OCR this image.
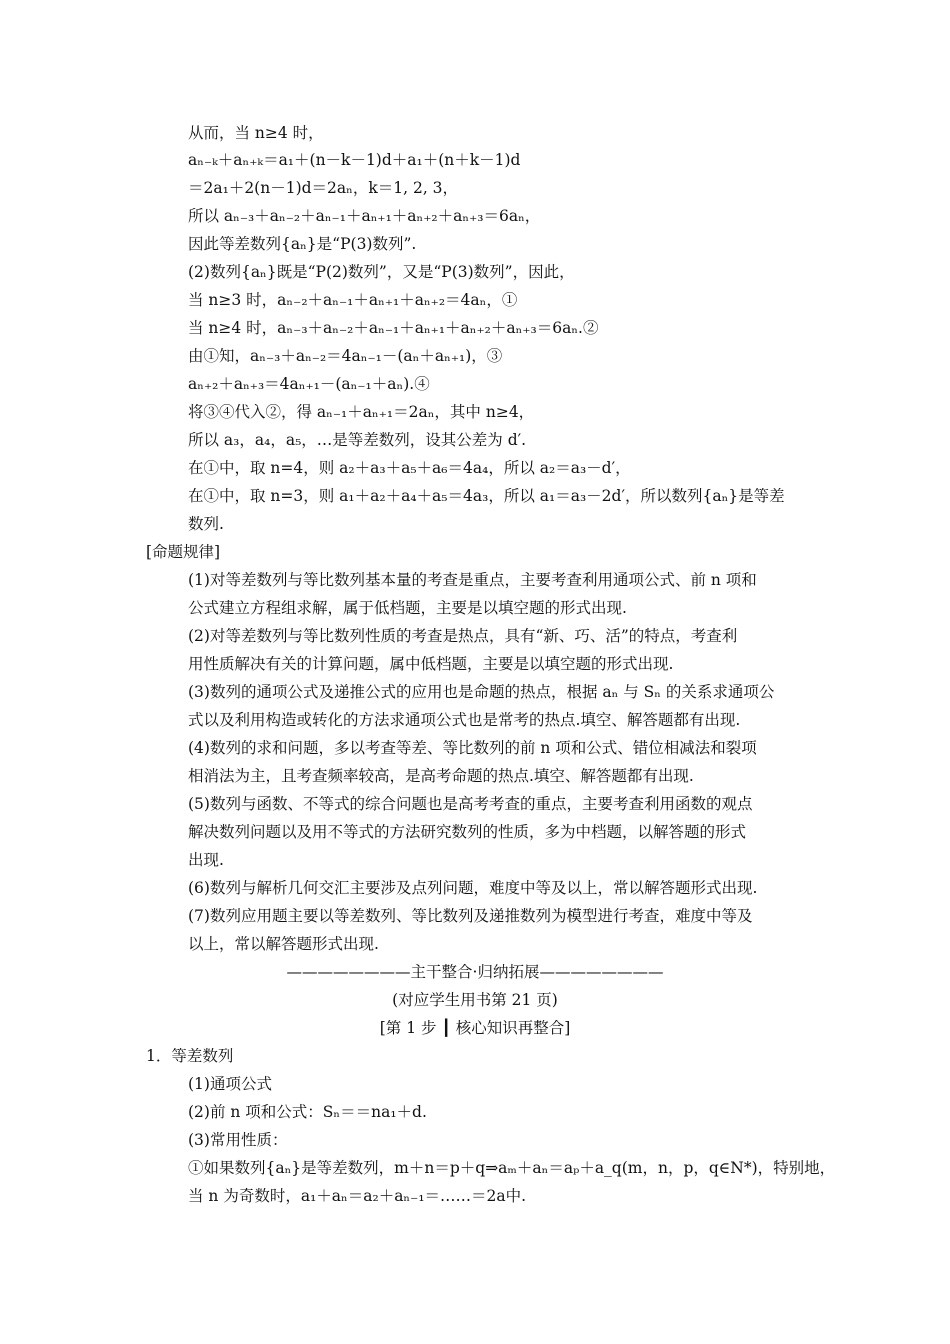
从而，当 n≥4 时，
aₙ₋ₖ＋aₙ₊ₖ＝a₁＋(n－k－1)d＋a₁＋(n＋k－1)d
＝2a₁＋2(n－1)d＝2aₙ，k＝1, 2, 3，
所以 aₙ₋₃＋aₙ₋₂＋aₙ₋₁＋aₙ₊₁＋aₙ₊₂＋aₙ₊₃＝6aₙ，
因此等差数列{aₙ}是“P(3)数列”.
(2)数列{aₙ}既是“P(2)数列”，又是“P(3)数列”，因此，
当 n≥3 时，aₙ₋₂＋aₙ₋₁＋aₙ₊₁＋aₙ₊₂＝4aₙ，①
当 n≥4 时，aₙ₋₃＋aₙ₋₂＋aₙ₋₁＋aₙ₊₁＋aₙ₊₂＋aₙ₊₃＝6aₙ.②
由①知，aₙ₋₃＋aₙ₋₂＝4aₙ₋₁－(aₙ＋aₙ₊₁)，③
aₙ₊₂＋aₙ₊₃＝4aₙ₊₁－(aₙ₋₁＋aₙ).④
将③④代入②，得 aₙ₋₁＋aₙ₊₁＝2aₙ，其中 n≥4，
所以 a₃，a₄，a₅，…是等差数列，设其公差为 d′.
在①中，取 n=4，则 a₂＋a₃＋a₅＋a₆＝4a₄，所以 a₂＝a₃－d′，
在①中，取 n=3，则 a₁＋a₂＋a₄＋a₅＝4a₃，所以 a₁＝a₃－2d′，所以数列{aₙ}是等差
数列.
[命题规律]
(1)对等差数列与等比数列基本量的考查是重点，主要考查利用通项公式、前 n 项和
公式建立方程组求解，属于低档题，主要是以填空题的形式出现.
(2)对等差数列与等比数列性质的考查是热点，具有“新、巧、活”的特点，考查利
用性质解决有关的计算问题，属中低档题，主要是以填空题的形式出现.
(3)数列的通项公式及递推公式的应用也是命题的热点，根据 aₙ 与 Sₙ 的关系求通项公
式以及利用构造或转化的方法求通项公式也是常考的热点.填空、解答题都有出现.
(4)数列的求和问题，多以考查等差、等比数列的前 n 项和公式、错位相减法和裂项
相消法为主，且考查频率较高，是高考命题的热点.填空、解答题都有出现.
(5)数列与函数、不等式的综合问题也是高考考查的重点，主要考查利用函数的观点
解决数列问题以及用不等式的方法研究数列的性质，多为中档题，以解答题的形式
出现.
(6)数列与解析几何交汇主要涉及点列问题，难度中等及以上，常以解答题形式出现.
(7)数列应用题主要以等差数列、等比数列及递推数列为模型进行考查，难度中等及
以上，常以解答题形式出现.
————————主干整合·归纳拓展————————
(对应学生用书第 21 页)
[第 1 步 ┃ 核心知识再整合]
1．等差数列
(1)通项公式
(2)前 n 项和公式：Sₙ＝＝na₁＋d.
(3)常用性质：
①如果数列{aₙ}是等差数列，m＋n＝p＋q⇒aₘ＋aₙ＝aₚ＋a_q(m，n，p，q∈N*)，特别地，
当 n 为奇数时，a₁＋aₙ＝a₂＋aₙ₋₁＝……＝2a中.
